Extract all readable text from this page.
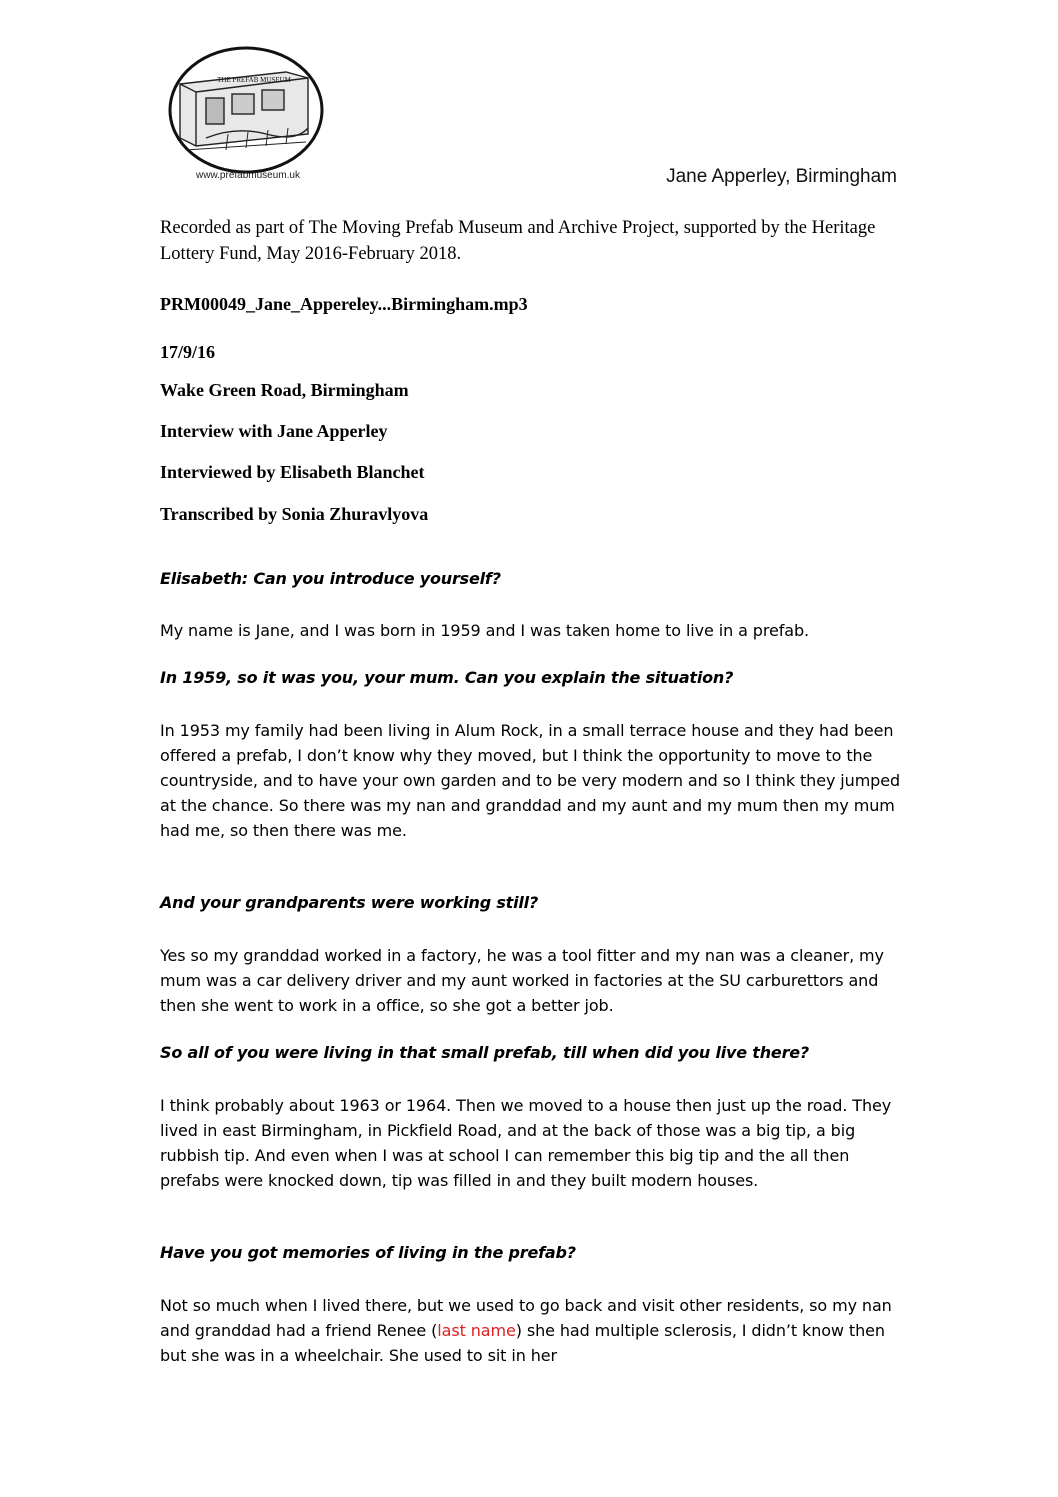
THE PREFAB MUSEUM
www.prefabmuseum.uk	Jane Apperley, Birmingham
Recorded as part of The Moving Prefab Museum and Archive Project, supported by the Heritage Lottery Fund, May 2016-February 2018.
PRM00049_Jane_Appereley...Birmingham.mp3
17/9/16
Wake Green Road, Birmingham
Interview with Jane Apperley
Interviewed by Elisabeth Blanchet
Transcribed by Sonia Zhuravlyova
Elisabeth: Can you introduce yourself?
My name is Jane, and I was born in 1959 and I was taken home to live in a prefab.
In 1959, so it was you, your mum. Can you explain the situation?
In 1953 my family had been living in Alum Rock, in a small terrace house and they had been offered a prefab, I don’t know why they moved, but I think the opportunity to move to the countryside, and to have your own garden and to be very modern and so I think they jumped at the chance. So there was my nan and granddad and my aunt and my mum then my mum had me, so then there was me.
And your grandparents were working still?
Yes so my granddad worked in a factory, he was a tool fitter and my nan was a cleaner, my mum was a car delivery driver and my aunt worked in factories at the SU carburettors and then she went to work in a office, so she got a better job.
So all of you were living in that small prefab, till when did you live there?
I think probably about 1963 or 1964. Then we moved to a house then just up the road. They lived in east Birmingham, in Pickfield Road, and at the back of those was a big tip, a big rubbish tip. And even when I was at school I can remember this big tip and the all then prefabs were knocked down, tip was filled in and they built modern houses.
Have you got memories of living in the prefab?
Not so much when I lived there, but we used to go back and visit other residents, so my nan and granddad had a friend Renee (last name) she had multiple sclerosis, I didn’t know then but she was in a wheelchair. She used to sit in her
